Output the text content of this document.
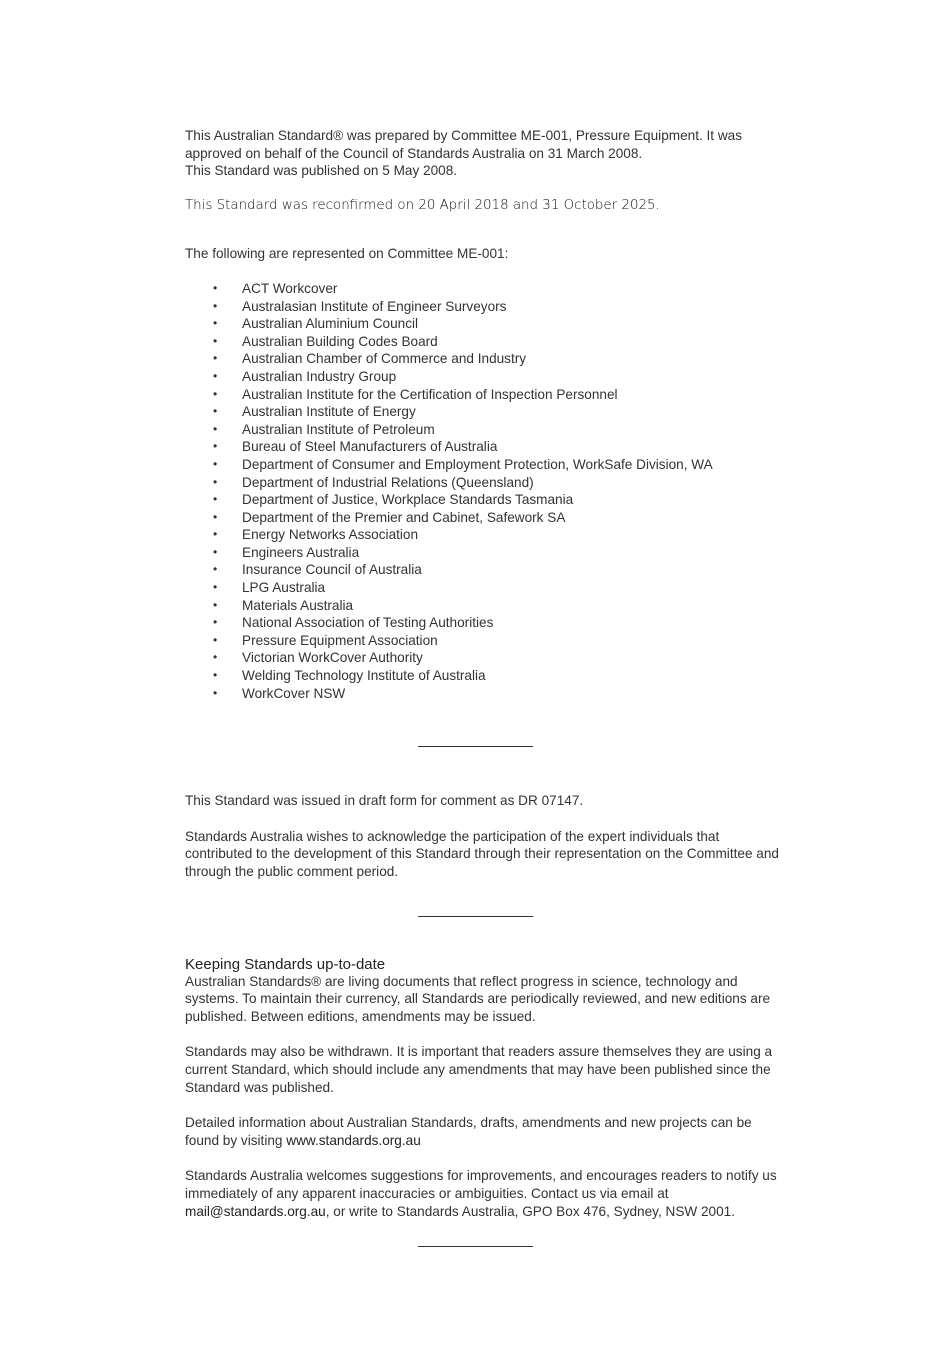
This Australian Standard® was prepared by Committee ME-001, Pressure Equipment. It was approved on behalf of the Council of Standards Australia on 31 March 2008.
This Standard was published on 5 May 2008.

This Standard was reconfirmed on 20 April 2018 and 31 October 2025.

The following are represented on Committee ME-001:

• ACT Workcover
• Australasian Institute of Engineer Surveyors
• Australian Aluminium Council
• Australian Building Codes Board
• Australian Chamber of Commerce and Industry
• Australian Industry Group
• Australian Institute for the Certification of Inspection Personnel
• Australian Institute of Energy
• Australian Institute of Petroleum
• Bureau of Steel Manufacturers of Australia
• Department of Consumer and Employment Protection, WorkSafe Division, WA
• Department of Industrial Relations (Queensland)
• Department of Justice, Workplace Standards Tasmania
• Department of the Premier and Cabinet, Safework SA
• Energy Networks Association
• Engineers Australia
• Insurance Council of Australia
• LPG Australia
• Materials Australia
• National Association of Testing Authorities
• Pressure Equipment Association
• Victorian WorkCover Authority
• Welding Technology Institute of Australia
• WorkCover NSW

This Standard was issued in draft form for comment as DR 07147.

Standards Australia wishes to acknowledge the participation of the expert individuals that contributed to the development of this Standard through their representation on the Committee and through the public comment period.

Keeping Standards up-to-date

Australian Standards® are living documents that reflect progress in science, technology and systems. To maintain their currency, all Standards are periodically reviewed, and new editions are published. Between editions, amendments may be issued.

Standards may also be withdrawn. It is important that readers assure themselves they are using a current Standard, which should include any amendments that may have been published since the Standard was published.

Detailed information about Australian Standards, drafts, amendments and new projects can be found by visiting www.standards.org.au

Standards Australia welcomes suggestions for improvements, and encourages readers to notify us immediately of any apparent inaccuracies or ambiguities. Contact us via email at mail@standards.org.au, or write to Standards Australia, GPO Box 476, Sydney, NSW 2001.
